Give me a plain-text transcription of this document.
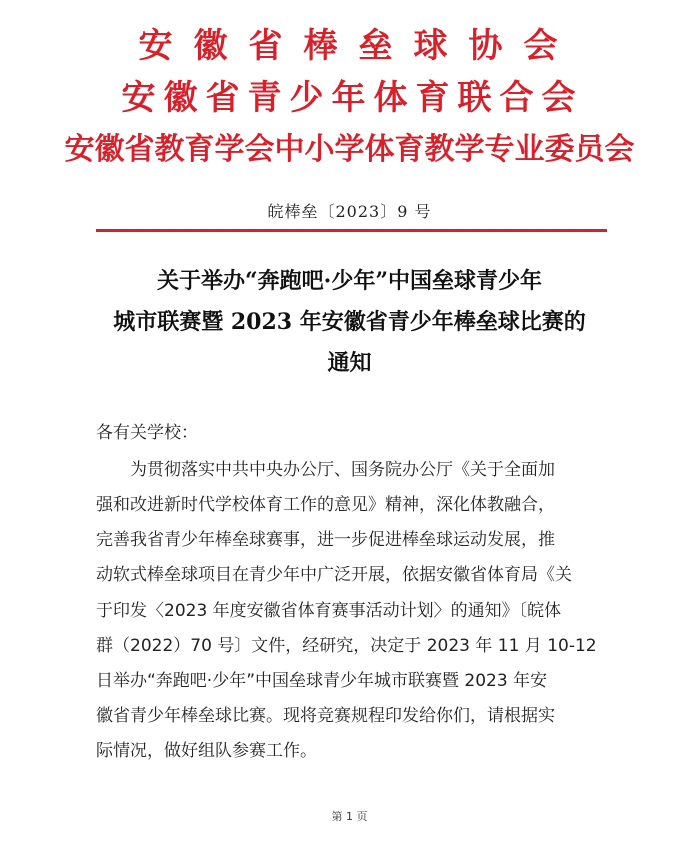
安徽省棒垒球协会
安徽省青少年体育联合会
安徽省教育学会中小学体育教学专业委员会
皖棒垒〔2023〕9 号
关于举办“奔跑吧·少年”中国垒球青少年
城市联赛暨 2023 年安徽省青少年棒垒球比赛的
通知
各有关学校：
为贯彻落实中共中央办公厅、国务院办公厅《关于全面加
强和改进新时代学校体育工作的意见》精神，深化体教融合，
完善我省青少年棒垒球赛事，进一步促进棒垒球运动发展，推
动软式棒垒球项目在青少年中广泛开展，依据安徽省体育局《关
于印发〈2023 年度安徽省体育赛事活动计划〉的通知》〔皖体
群（2022）70 号〕文件，经研究，决定于 2023 年 11 月 10-12
日举办“奔跑吧·少年”中国垒球青少年城市联赛暨 2023 年安
徽省青少年棒垒球比赛。现将竞赛规程印发给你们，请根据实
际情况，做好组队参赛工作。
第 1 页
